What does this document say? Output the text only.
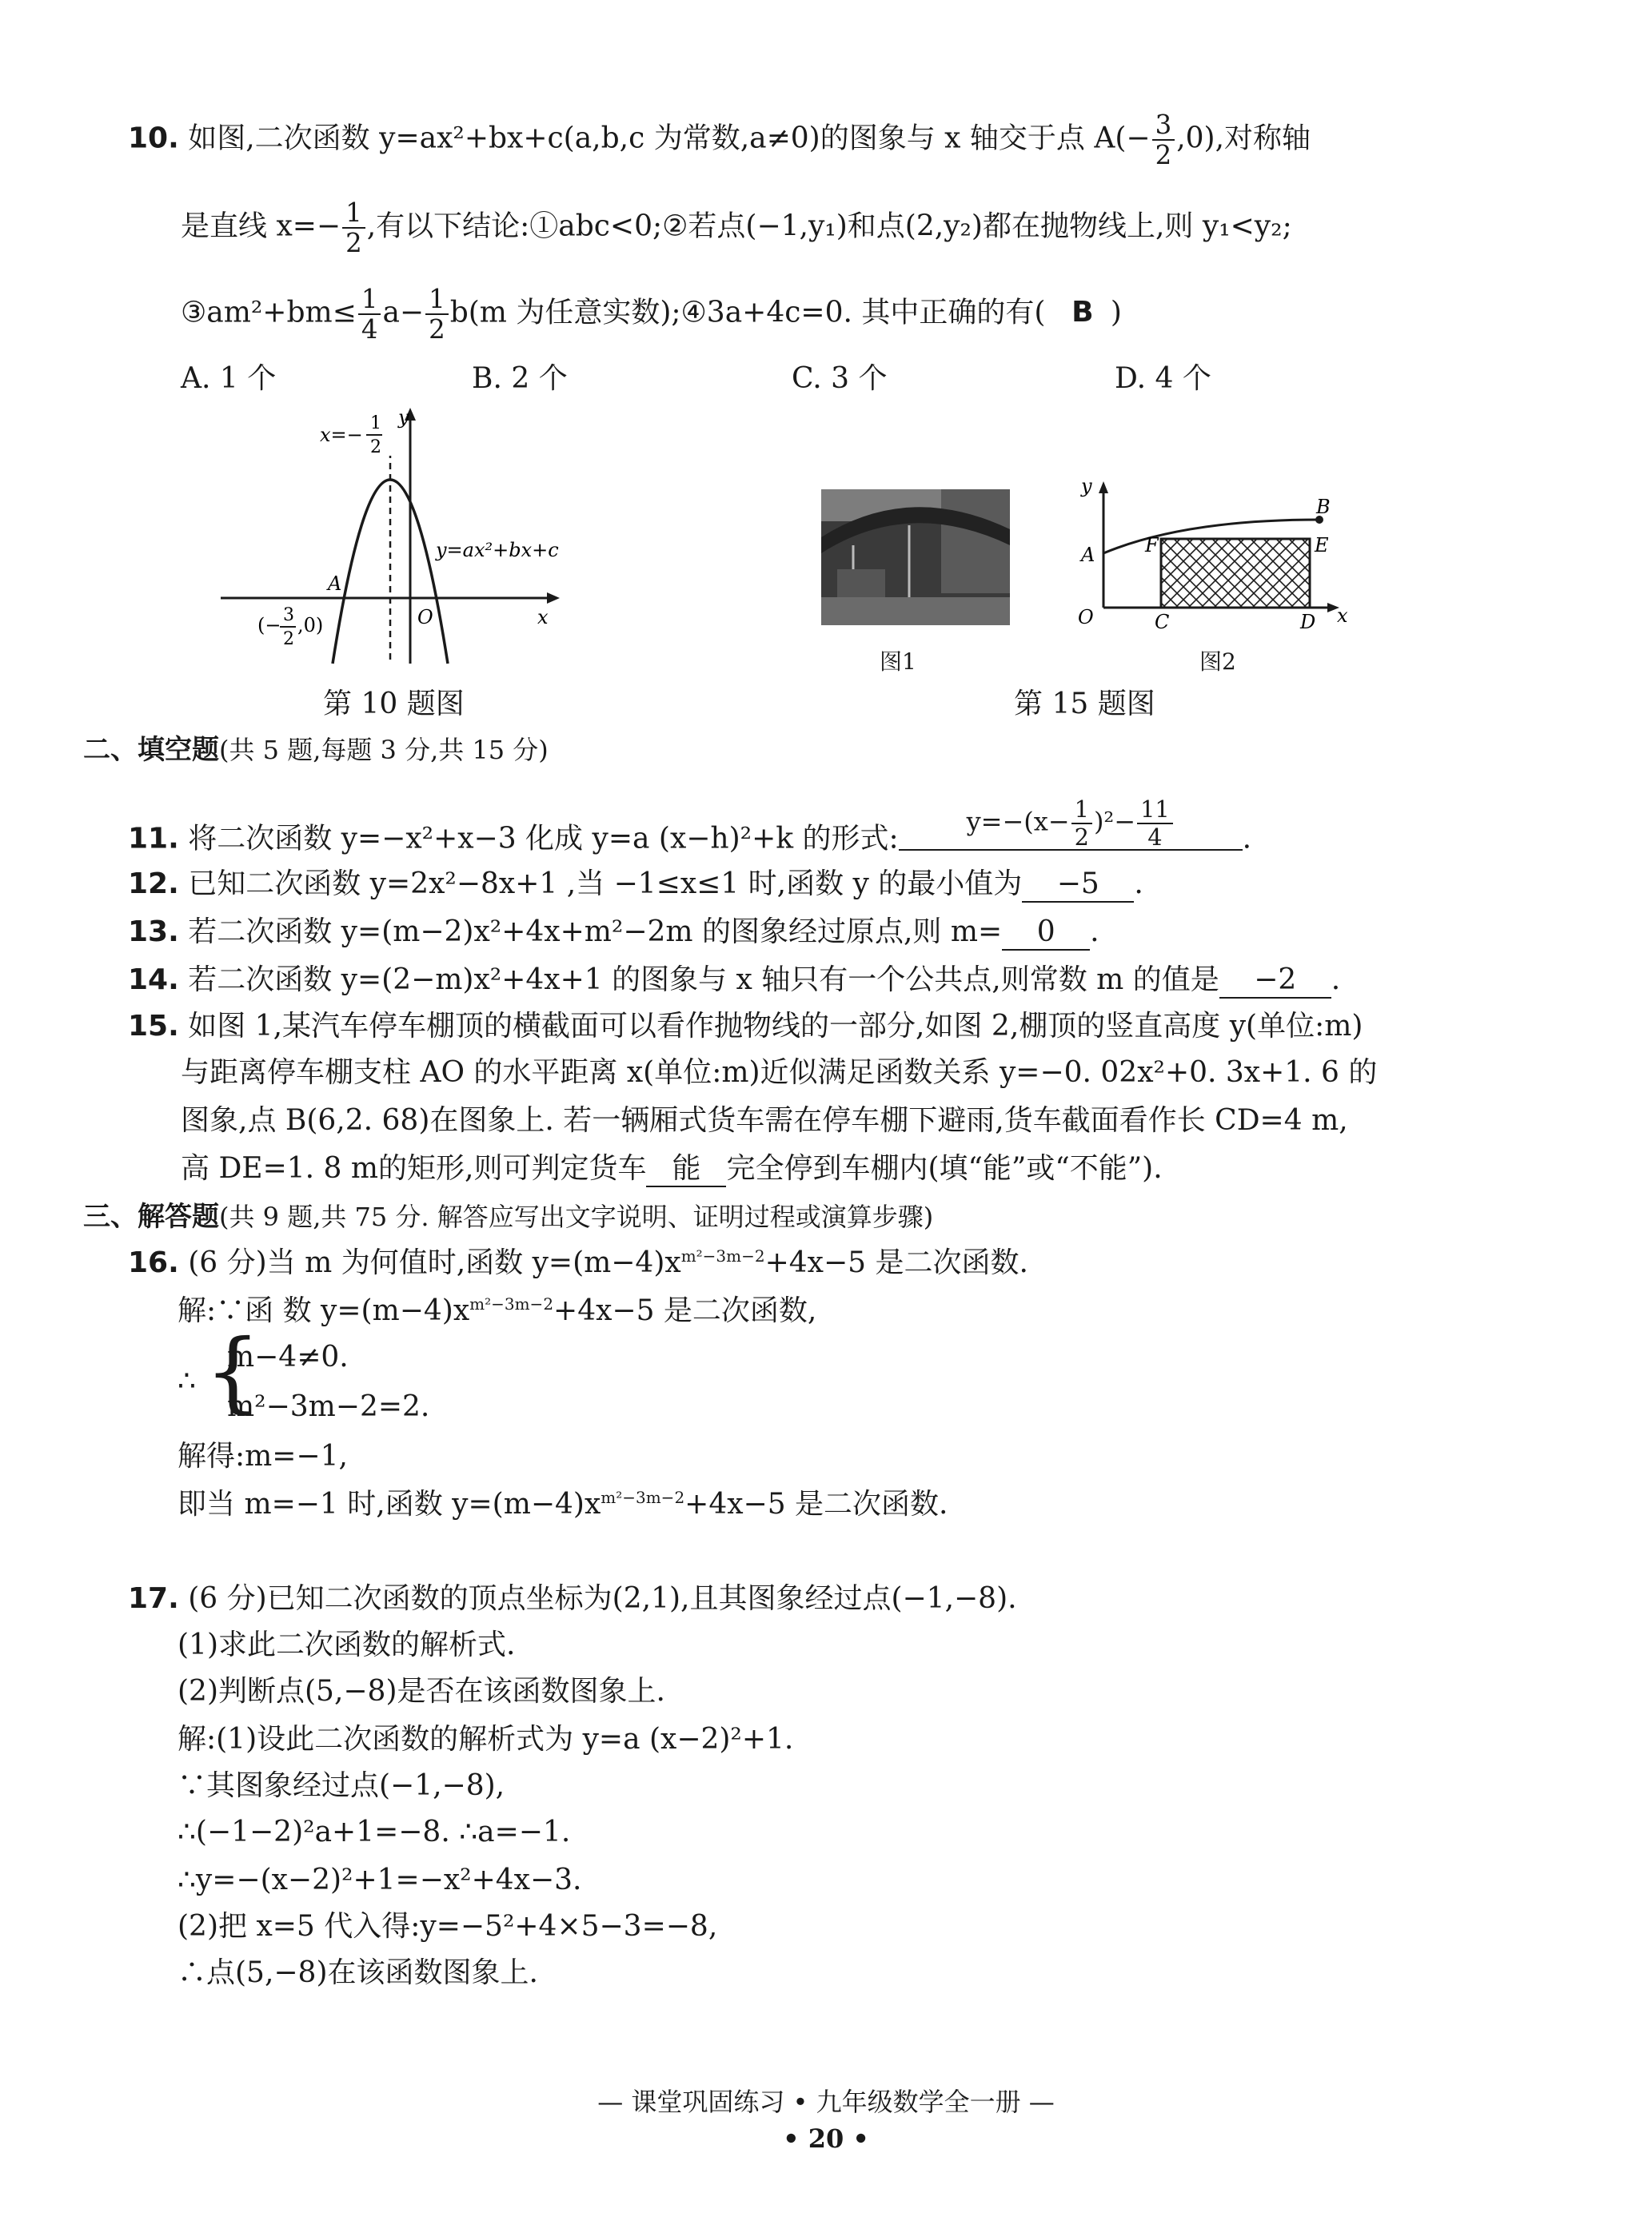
10. 如图,二次函数 y=ax²+bx+c(a,b,c 为常数,a≠0)的图象与 x 轴交于点 $A(- \frac{3}{2} ,0)$,对称轴
是直线 $x=- \frac{1}{2}$ ,有以下结论:①abc<0;②若点(−1,y₁)和点(2,y₂)都在抛物线上,则 y₁<y₂;
③am²+bm≤ $\frac{1}{4} a- \frac{1}{2} b(m$ 为任意实数);④3a+4c=0. 其中正确的有( B )
A. 1 个	B. 2 个	C. 3 个	D. 4 个
x=−
1
2
y
x
y=ax²+bx+c
A
O
(− 3
2
,0)
第 10 题图
图1
y
x
O
A
B
C	D
E
F
图2
第 15 题图
二、填空题(共 5 题,每题 3 分,共 15 分)
11. 将二次函数 y=−x²+x−3 化成 y=a (x−h)²+k 的形式:y=−(x− $\frac{1}{2} )^2- \frac{11}{4}$ .
12. 已知二次函数 y=2x²−8x+1 ,当 −1≤x≤1 时,函数 y 的最小值为 −5 .
13. 若二次函数 y=(m−2)x²+4x+m²−2m 的图象经过原点,则 m= 0 .
14. 若二次函数 y=(2−m)x²+4x+1 的图象与 x 轴只有一个公共点,则常数 m 的值是 −2 .
15. 如图 1,某汽车停车棚顶的横截面可以看作抛物线的一部分,如图 2,棚顶的竖直高度 y(单位:m)
与距离停车棚支柱 AO 的水平距离 x(单位:m)近似满足函数关系 y=−0. 02x²+0. 3x+1. 6 的
图象,点 B(6,2. 68)在图象上. 若一辆厢式货车需在停车棚下避雨,货车截面看作长 CD=4 m,
高 DE=1. 8 m的矩形,则可判定货车 能 完全停到车棚内(填“能”或“不能”).
三、解答题(共 9 题,共 75 分. 解答应写出文字说明、证明过程或演算步骤)
16. (6 分)当 m 为何值时,函数 $y=(m-4)x^{m^2-3m-2}+4x-5$ 是二次函数.
解:∵函 数 $y=(m-4)x^{m^2-3m-2}+4x-5$ 是二次函数,
∴ {
m−4≠0.
m²−3m−2=2.
解得:m=−1,
即当 m=−1 时,函数 $y=(m-4)x^{m^2-3m-2}+4x-5$ 是二次函数.
17. (6 分)已知二次函数的顶点坐标为(2,1),且其图象经过点(−1,−8).
(1)求此二次函数的解析式.
(2)判断点(5,−8)是否在该函数图象上.
解:(1)设此二次函数的解析式为 y=a (x−2)²+1.
∵其图象经过点(−1,−8),
∴(−1−2)²a+1=−8. ∴a=−1.
∴y=−(x−2)²+1=−x²+4x−3.
(2)把 x=5 代入得:y=−5²+4×5−3=−8,
∴点(5,−8)在该函数图象上.
— 课堂巩固练习 • 九年级数学全一册 —
• 20 •
